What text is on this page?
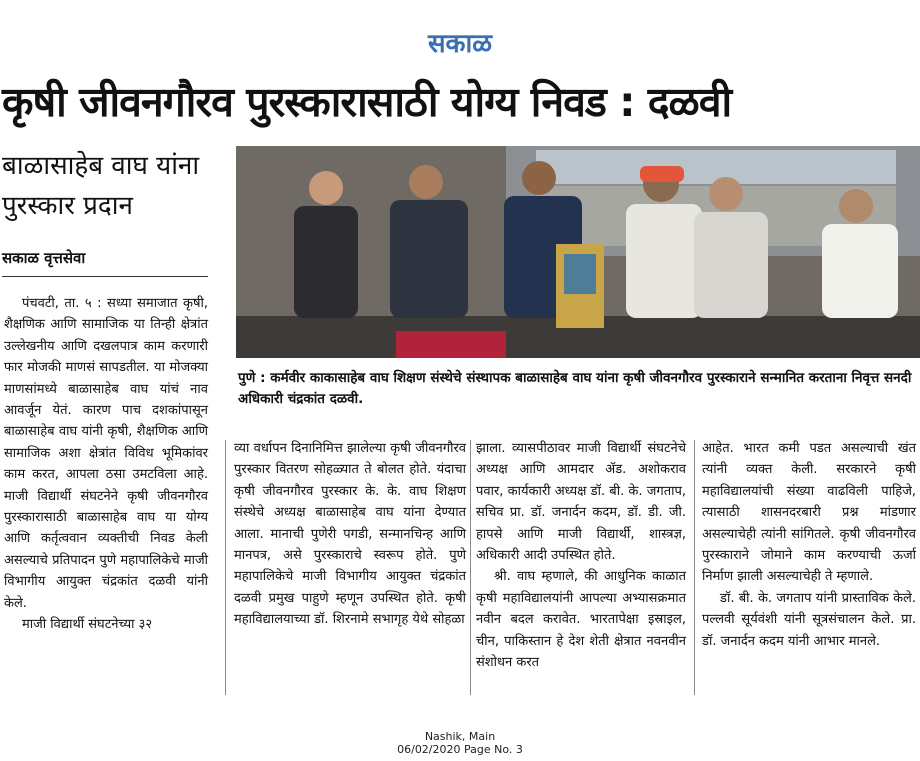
सकाळ
कृषी जीवनगौरव पुरस्कारासाठी योग्य निवड : दळवी
बाळासाहेब वाघ यांना पुरस्कार प्रदान
सकाळ वृत्तसेवा
पुणे : कर्मवीर काकासाहेब वाघ शिक्षण संस्थेचे संस्थापक बाळासाहेब वाघ यांना कृषी जीवनगौरव पुरस्काराने सन्मानित करताना निवृत्त सनदी अधिकारी चंद्रकांत दळवी.

पंचवटी, ता. ५ : सध्या समाजात कृषी, शैक्षणिक आणि सामाजिक या तिन्ही क्षेत्रांत उल्लेखनीय आणि दखलपात्र काम करणारी फार मोजकी माणसं सापडतील. या मोजक्या माणसांमध्ये बाळासाहेब वाघ यांचं नाव आवर्जून येतं. कारण पाच दशकांपासून बाळासाहेब वाघ यांनी कृषी, शैक्षणिक आणि सामाजिक अशा क्षेत्रांत विविध भूमिकांवर काम करत, आपला ठसा उमटविला आहे. माजी विद्यार्थी संघटनेने कृषी जीवनगौरव पुरस्कारासाठी बाळासाहेब वाघ या योग्य आणि कर्तृत्ववान व्यक्तीची निवड केली असल्याचे प्रतिपादन पुणे महापालिकेचे माजी विभागीय आयुक्त चंद्रकांत दळवी यांनी केले.

माजी विद्यार्थी संघटनेच्या ३२

व्या वर्धापन दिनानिमित्त झालेल्या कृषी जीवनगौरव पुरस्कार वितरण सोहळ्यात ते बोलत होते. यंदाचा कृषी जीवनगौरव पुरस्कार के. के. वाघ शिक्षण संस्थेचे अध्यक्ष बाळासाहेब वाघ यांना देण्यात आला. मानाची पुणेरी पगडी, सन्मानचिन्ह आणि मानपत्र, असे पुरस्काराचे स्वरूप होते. पुणे महापालिकेचे माजी विभागीय आयुक्त चंद्रकांत दळवी प्रमुख पाहुणे म्हणून उपस्थित होते. कृषी महाविद्यालयाच्या डॉ. शिरनामे सभागृह येथे सोहळा

झाला. व्यासपीठावर माजी विद्यार्थी संघटनेचे अध्यक्ष आणि आमदार ॲड. अशोकराव पवार, कार्यकारी अध्यक्ष डॉ. बी. के. जगताप, सचिव प्रा. डॉ. जनार्दन कदम, डॉ. डी. जी. हापसे आणि माजी विद्यार्थी, शास्त्रज्ञ, अधिकारी आदी उपस्थित होते.

श्री. वाघ म्हणाले, की आधुनिक काळात कृषी महाविद्यालयांनी आपल्या अभ्यासक्रमात नवीन बदल करावेत. भारतापेक्षा इस्राइल, चीन, पाकिस्तान हे देश शेती क्षेत्रात नवनवीन संशोधन करत

आहेत. भारत कमी पडत असल्याची खंत त्यांनी व्यक्त केली. सरकारने कृषी महाविद्यालयांची संख्या वाढविली पाहिजे, त्यासाठी शासनदरबारी प्रश्न मांडणार असल्याचेही त्यांनी सांगितले. कृषी जीवनगौरव पुरस्काराने जोमाने काम करण्याची ऊर्जा निर्माण झाली असल्याचेही ते म्हणाले.

डॉ. बी. के. जगताप यांनी प्रास्ताविक केले. पल्लवी सूर्यवंशी यांनी सूत्रसंचालन केले. प्रा. डॉ. जनार्दन कदम यांनी आभार मानले.

Nashik, Main
06/02/2020 Page No. 3
